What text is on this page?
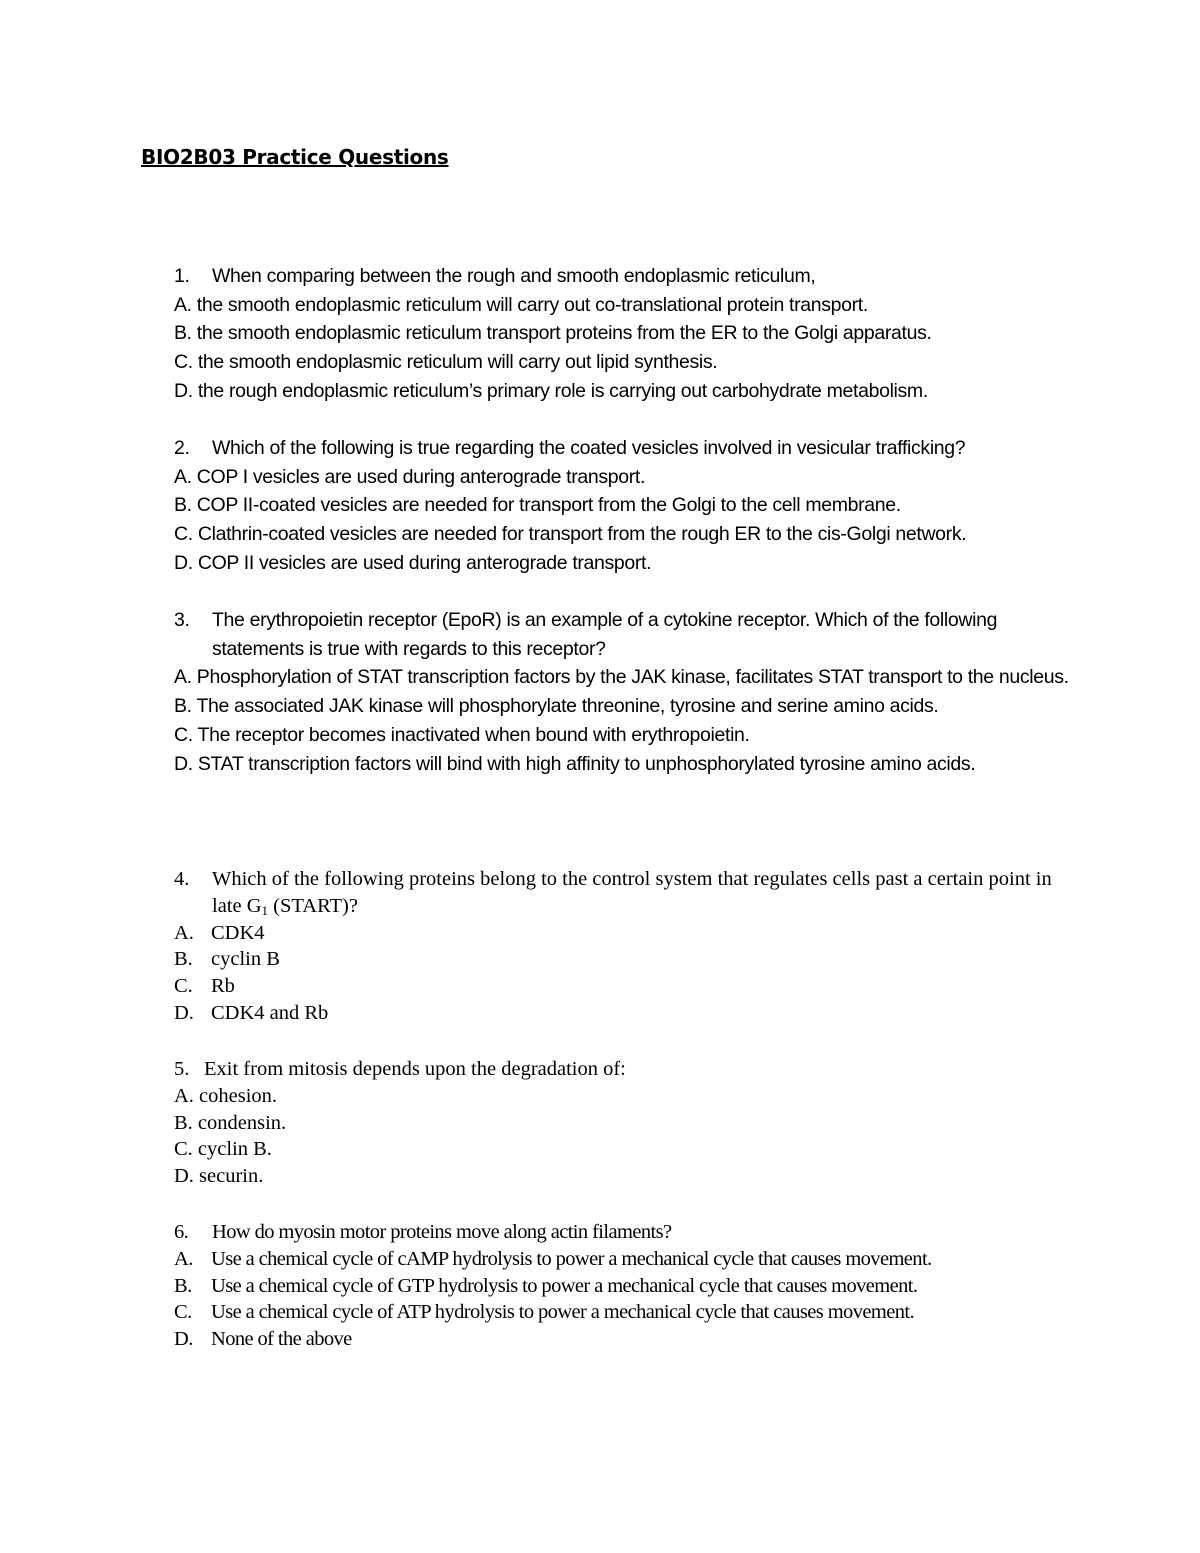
BIO2B03 Practice Questions
1.	When comparing between the rough and smooth endoplasmic reticulum,
A. the smooth endoplasmic reticulum will carry out co-translational protein transport.
B. the smooth endoplasmic reticulum transport proteins from the ER to the Golgi apparatus.
C. the smooth endoplasmic reticulum will carry out lipid synthesis.
D. the rough endoplasmic reticulum’s primary role is carrying out carbohydrate metabolism.
2.	Which of the following is true regarding the coated vesicles involved in vesicular trafficking?
A. COP I vesicles are used during anterograde transport.
B. COP II-coated vesicles are needed for transport from the Golgi to the cell membrane.
C. Clathrin-coated vesicles are needed for transport from the rough ER to the cis-Golgi network.
D. COP II vesicles are used during anterograde transport.
3.	The erythropoietin receptor (EpoR) is an example of a cytokine receptor. Which of the following statements is true with regards to this receptor?
A. Phosphorylation of STAT transcription factors by the JAK kinase, facilitates STAT transport to the nucleus.
B. The associated JAK kinase will phosphorylate threonine, tyrosine and serine amino acids.
C. The receptor becomes inactivated when bound with erythropoietin.
D. STAT transcription factors will bind with high affinity to unphosphorylated tyrosine amino acids.
4.	Which of the following proteins belong to the control system that regulates cells past a certain point in late $G_1$ (START)?
A. CDK4
B. cyclin B
C. Rb
D. CDK4 and Rb
5. Exit from mitosis depends upon the degradation of:
A. cohesion.
B. condensin.
C. cyclin B.
D. securin.
6.	How do myosin motor proteins move along actin filaments?
A. Use a chemical cycle of cAMP hydrolysis to power a mechanical cycle that causes movement.
B. Use a chemical cycle of GTP hydrolysis to power a mechanical cycle that causes movement.
C. Use a chemical cycle of ATP hydrolysis to power a mechanical cycle that causes movement.
D. None of the above
